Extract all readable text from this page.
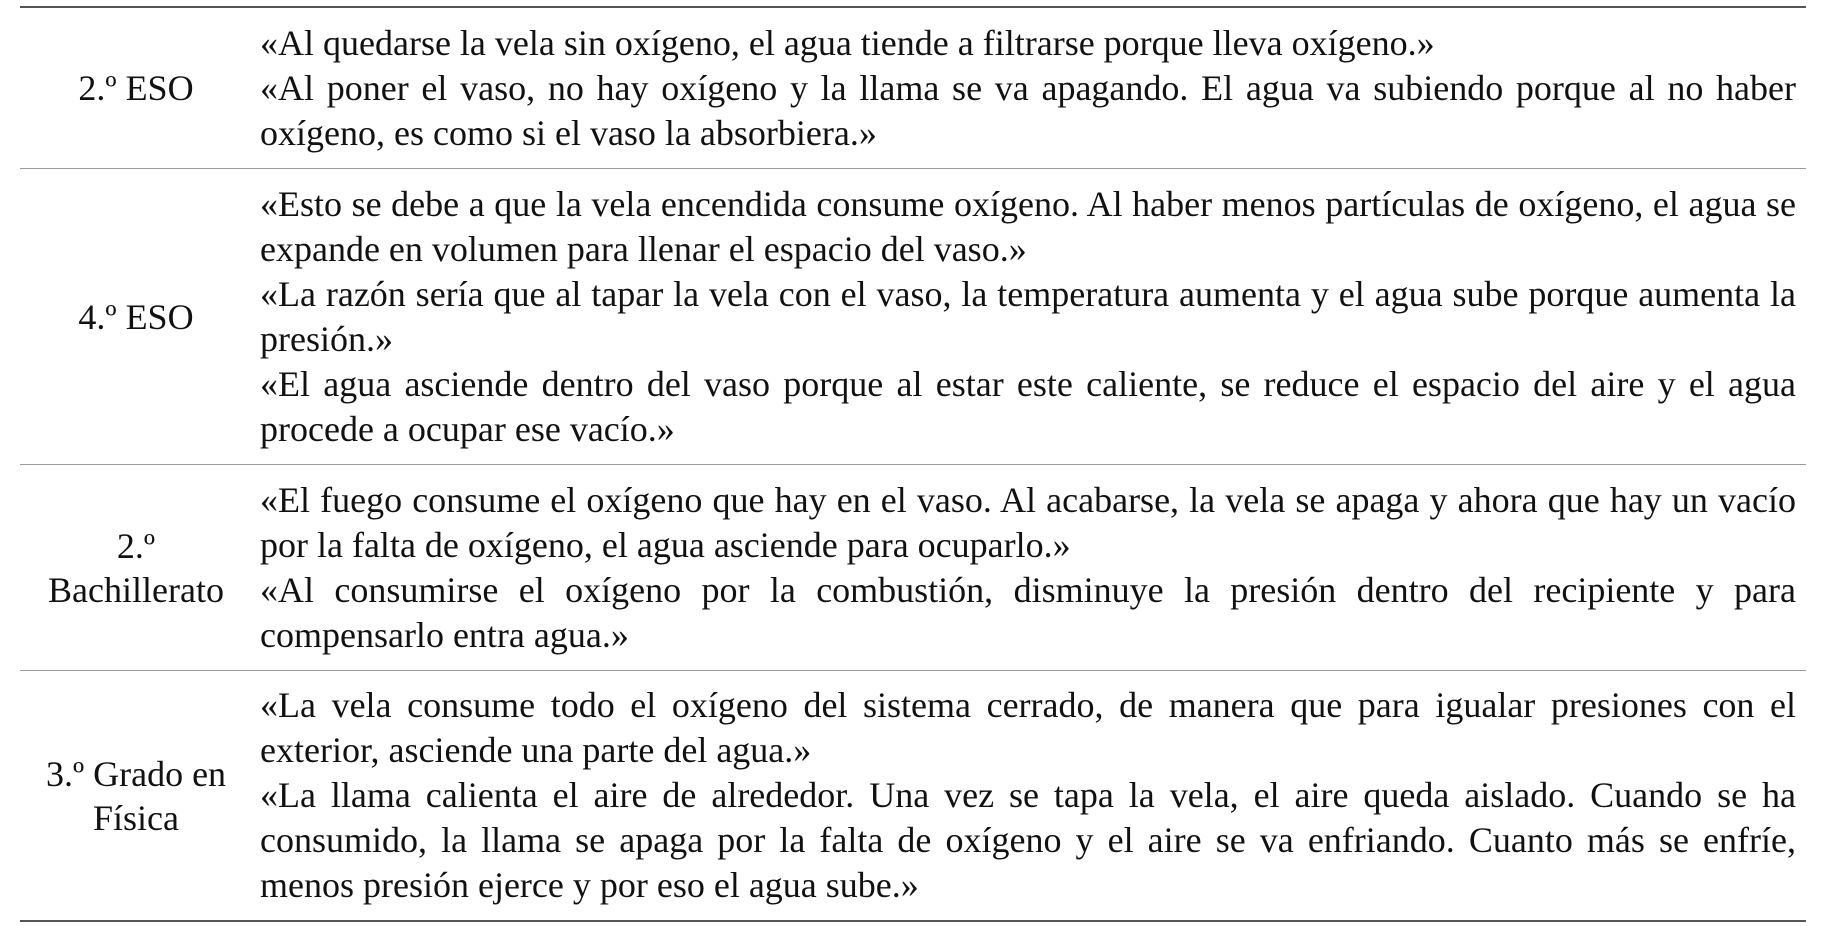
2.º ESO

«Al quedarse la vela sin oxígeno, el agua tiende a filtrarse porque lleva oxígeno.»

«Al poner el vaso, no hay oxígeno y la llama se va apagando. El agua va subiendo porque al no haber oxígeno, es como si el vaso la absorbiera.»

4.º ESO

«Esto se debe a que la vela encendida consume oxígeno. Al haber menos partículas de oxígeno, el agua se expande en volumen para llenar el espacio del vaso.»

«La razón sería que al tapar la vela con el vaso, la temperatura aumenta y el agua sube porque aumenta la presión.»

«El agua asciende dentro del vaso porque al estar este caliente, se reduce el espacio del aire y el agua procede a ocupar ese vacío.»

2.º Bachillerato

«El fuego consume el oxígeno que hay en el vaso. Al acabarse, la vela se apaga y ahora que hay un vacío por la falta de oxígeno, el agua asciende para ocuparlo.»

«Al consumirse el oxígeno por la combustión, disminuye la presión dentro del recipiente y para compensarlo entra agua.»

3.º Grado en Física

«La vela consume todo el oxígeno del sistema cerrado, de manera que para igualar presiones con el exterior, asciende una parte del agua.»

«La llama calienta el aire de alrededor. Una vez se tapa la vela, el aire queda aislado. Cuando se ha consumido, la llama se apaga por la falta de oxígeno y el aire se va enfriando. Cuanto más se enfríe, menos presión ejerce y por eso el agua sube.»
